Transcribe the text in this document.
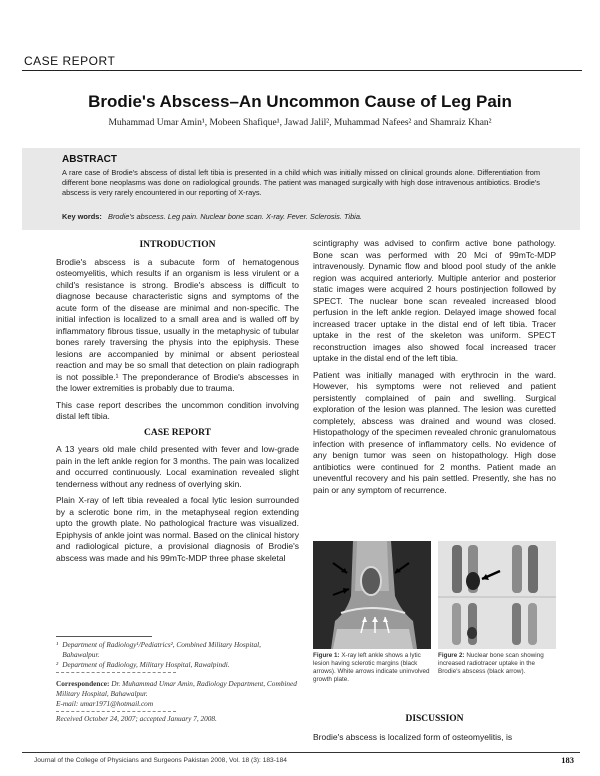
CASE REPORT
Brodie's Abscess–An Uncommon Cause of Leg Pain
Muhammad Umar Amin¹, Mobeen Shafique¹, Jawad Jalil², Muhammad Nafees² and Shamraiz Khan²
ABSTRACT
A rare case of Brodie's abscess of distal left tibia is presented in a child which was initially missed on clinical grounds alone. Differentiation from different bone neoplasms was done on radiological grounds. The patient was managed surgically with high dose intravenous antibiotics. Brodie's abscess is very rarely encountered in our reporting of X-rays.
Key words: Brodie's abscess. Leg pain. Nuclear bone scan. X-ray. Fever. Sclerosis. Tibia.
INTRODUCTION
Brodie's abscess is a subacute form of hematogenous osteomyelitis, which results if an organism is less virulent or a child's resistance is strong. Brodie's abscess is difficult to diagnose because characteristic signs and symptoms of the acute form of the disease are minimal and non-specific. The initial infection is localized to a small area and is walled off by inflammatory fibrous tissue, usually in the metaphysic of tubular bones rarely traversing the physis into the epiphysis. These lesions are accompanied by minimal or absent periosteal reaction and may be so small that detection on plain radiograph is not possible.¹ The preponderance of Brodie's abscesses in the lower extremities is probably due to trauma.
This case report describes the uncommon condition involving distal left tibia.
CASE REPORT
A 13 years old male child presented with fever and low-grade pain in the left ankle region for 3 months. The pain was localized and occurred continuously. Local examination revealed slight tenderness without any redness of overlying skin.
Plain X-ray of left tibia revealed a focal lytic lesion surrounded by a sclerotic bone rim, in the metaphyseal region extending upto the growth plate. No pathological fracture was visualized. Epiphysis of ankle joint was normal. Based on the clinical history and radiological picture, a provisional diagnosis of Brodie's abscess was made and his 99mTc-MDP three phase skeletal
¹ Department of Radiology¹/Pediatrics², Combined Military Hospital, Bahawalpur.
² Department of Radiology, Military Hospital, Rawalpindi.
Correspondence: Dr. Muhammad Umar Amin, Radiology Department, Combined Military Hospital, Bahawalpur.
E-mail: umar1971@hotmail.com
Received October 24, 2007; accepted January 7, 2008.
scintigraphy was advised to confirm active bone pathology. Bone scan was performed with 20 Mci of 99mTc-MDP intravenously. Dynamic flow and blood pool study of the ankle region was acquired anteriorly. Multiple anterior and posterior static images were acquired 2 hours postinjection followed by SPECT. The nuclear bone scan revealed increased blood perfusion in the left ankle region. Delayed image showed focal increased tracer uptake in the distal end of left tibia. Tracer uptake in the rest of the skeleton was uniform. SPECT reconstruction images also showed focal increased tracer uptake in the distal end of the left tibia.
Patient was initially managed with erythrocin in the ward. However, his symptoms were not relieved and patient persistently complained of pain and swelling. Surgical exploration of the lesion was planned. The lesion was curetted completely, abscess was drained and wound was closed. Histopathology of the specimen revealed chronic granulomatous infection with presence of inflammatory cells. No evidence of any benign tumor was seen on histopathology. High dose antibiotics were continued for 2 months. Patient made an uneventful recovery and his pain settled. Presently, she has no pain or any symptom of recurrence.
Figure 1: X-ray left ankle shows a lytic lesion having sclerotic margins (black arrows). White arrows indicate uninvolved growth plate.
Figure 2: Nuclear bone scan showing increased radiotracer uptake in the Brodie's abscess (black arrow).
DISCUSSION
Brodie's abscess is localized form of osteomyelitis, is
Journal of the College of Physicians and Surgeons Pakistan 2008, Vol. 18 (3): 183-184	183
